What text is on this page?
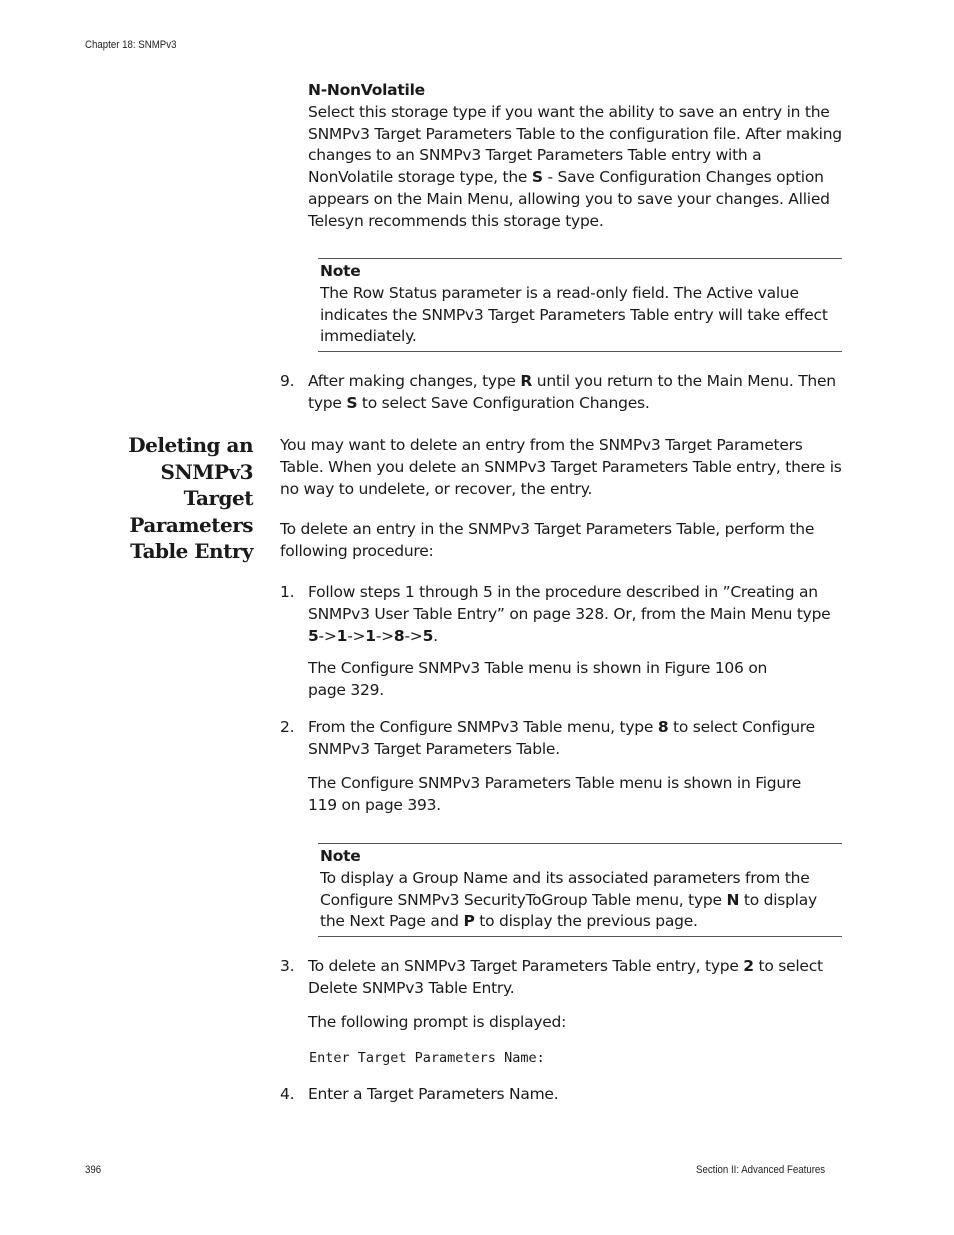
Chapter 18: SNMPv3

N-NonVolatile

Select this storage type if you want the ability to save an entry in the SNMPv3 Target Parameters Table to the configuration file. After making changes to an SNMPv3 Target Parameters Table entry with a NonVolatile storage type, the S - Save Configuration Changes option appears on the Main Menu, allowing you to save your changes. Allied Telesyn recommends this storage type.

Note

The Row Status parameter is a read-only field. The Active value indicates the SNMPv3 Target Parameters Table entry will take effect immediately.

9. After making changes, type R until you return to the Main Menu. Then type S to select Save Configuration Changes.

Deleting an SNMPv3 Target Parameters Table Entry

You may want to delete an entry from the SNMPv3 Target Parameters Table. When you delete an SNMPv3 Target Parameters Table entry, there is no way to undelete, or recover, the entry.

To delete an entry in the SNMPv3 Target Parameters Table, perform the following procedure:

1. Follow steps 1 through 5 in the procedure described in ”Creating an SNMPv3 User Table Entry” on page 328. Or, from the Main Menu type 5->1->1->8->5.

The Configure SNMPv3 Table menu is shown in Figure 106 on page 329.

2. From the Configure SNMPv3 Table menu, type 8 to select Configure SNMPv3 Target Parameters Table.

The Configure SNMPv3 Parameters Table menu is shown in Figure 119 on page 393.

Note

To display a Group Name and its associated parameters from the Configure SNMPv3 SecurityToGroup Table menu, type N to display the Next Page and P to display the previous page.

3. To delete an SNMPv3 Target Parameters Table entry, type 2 to select Delete SNMPv3 Table Entry.

The following prompt is displayed:

Enter Target Parameters Name:
4. Enter a Target Parameters Name.

396	Section II: Advanced Features
